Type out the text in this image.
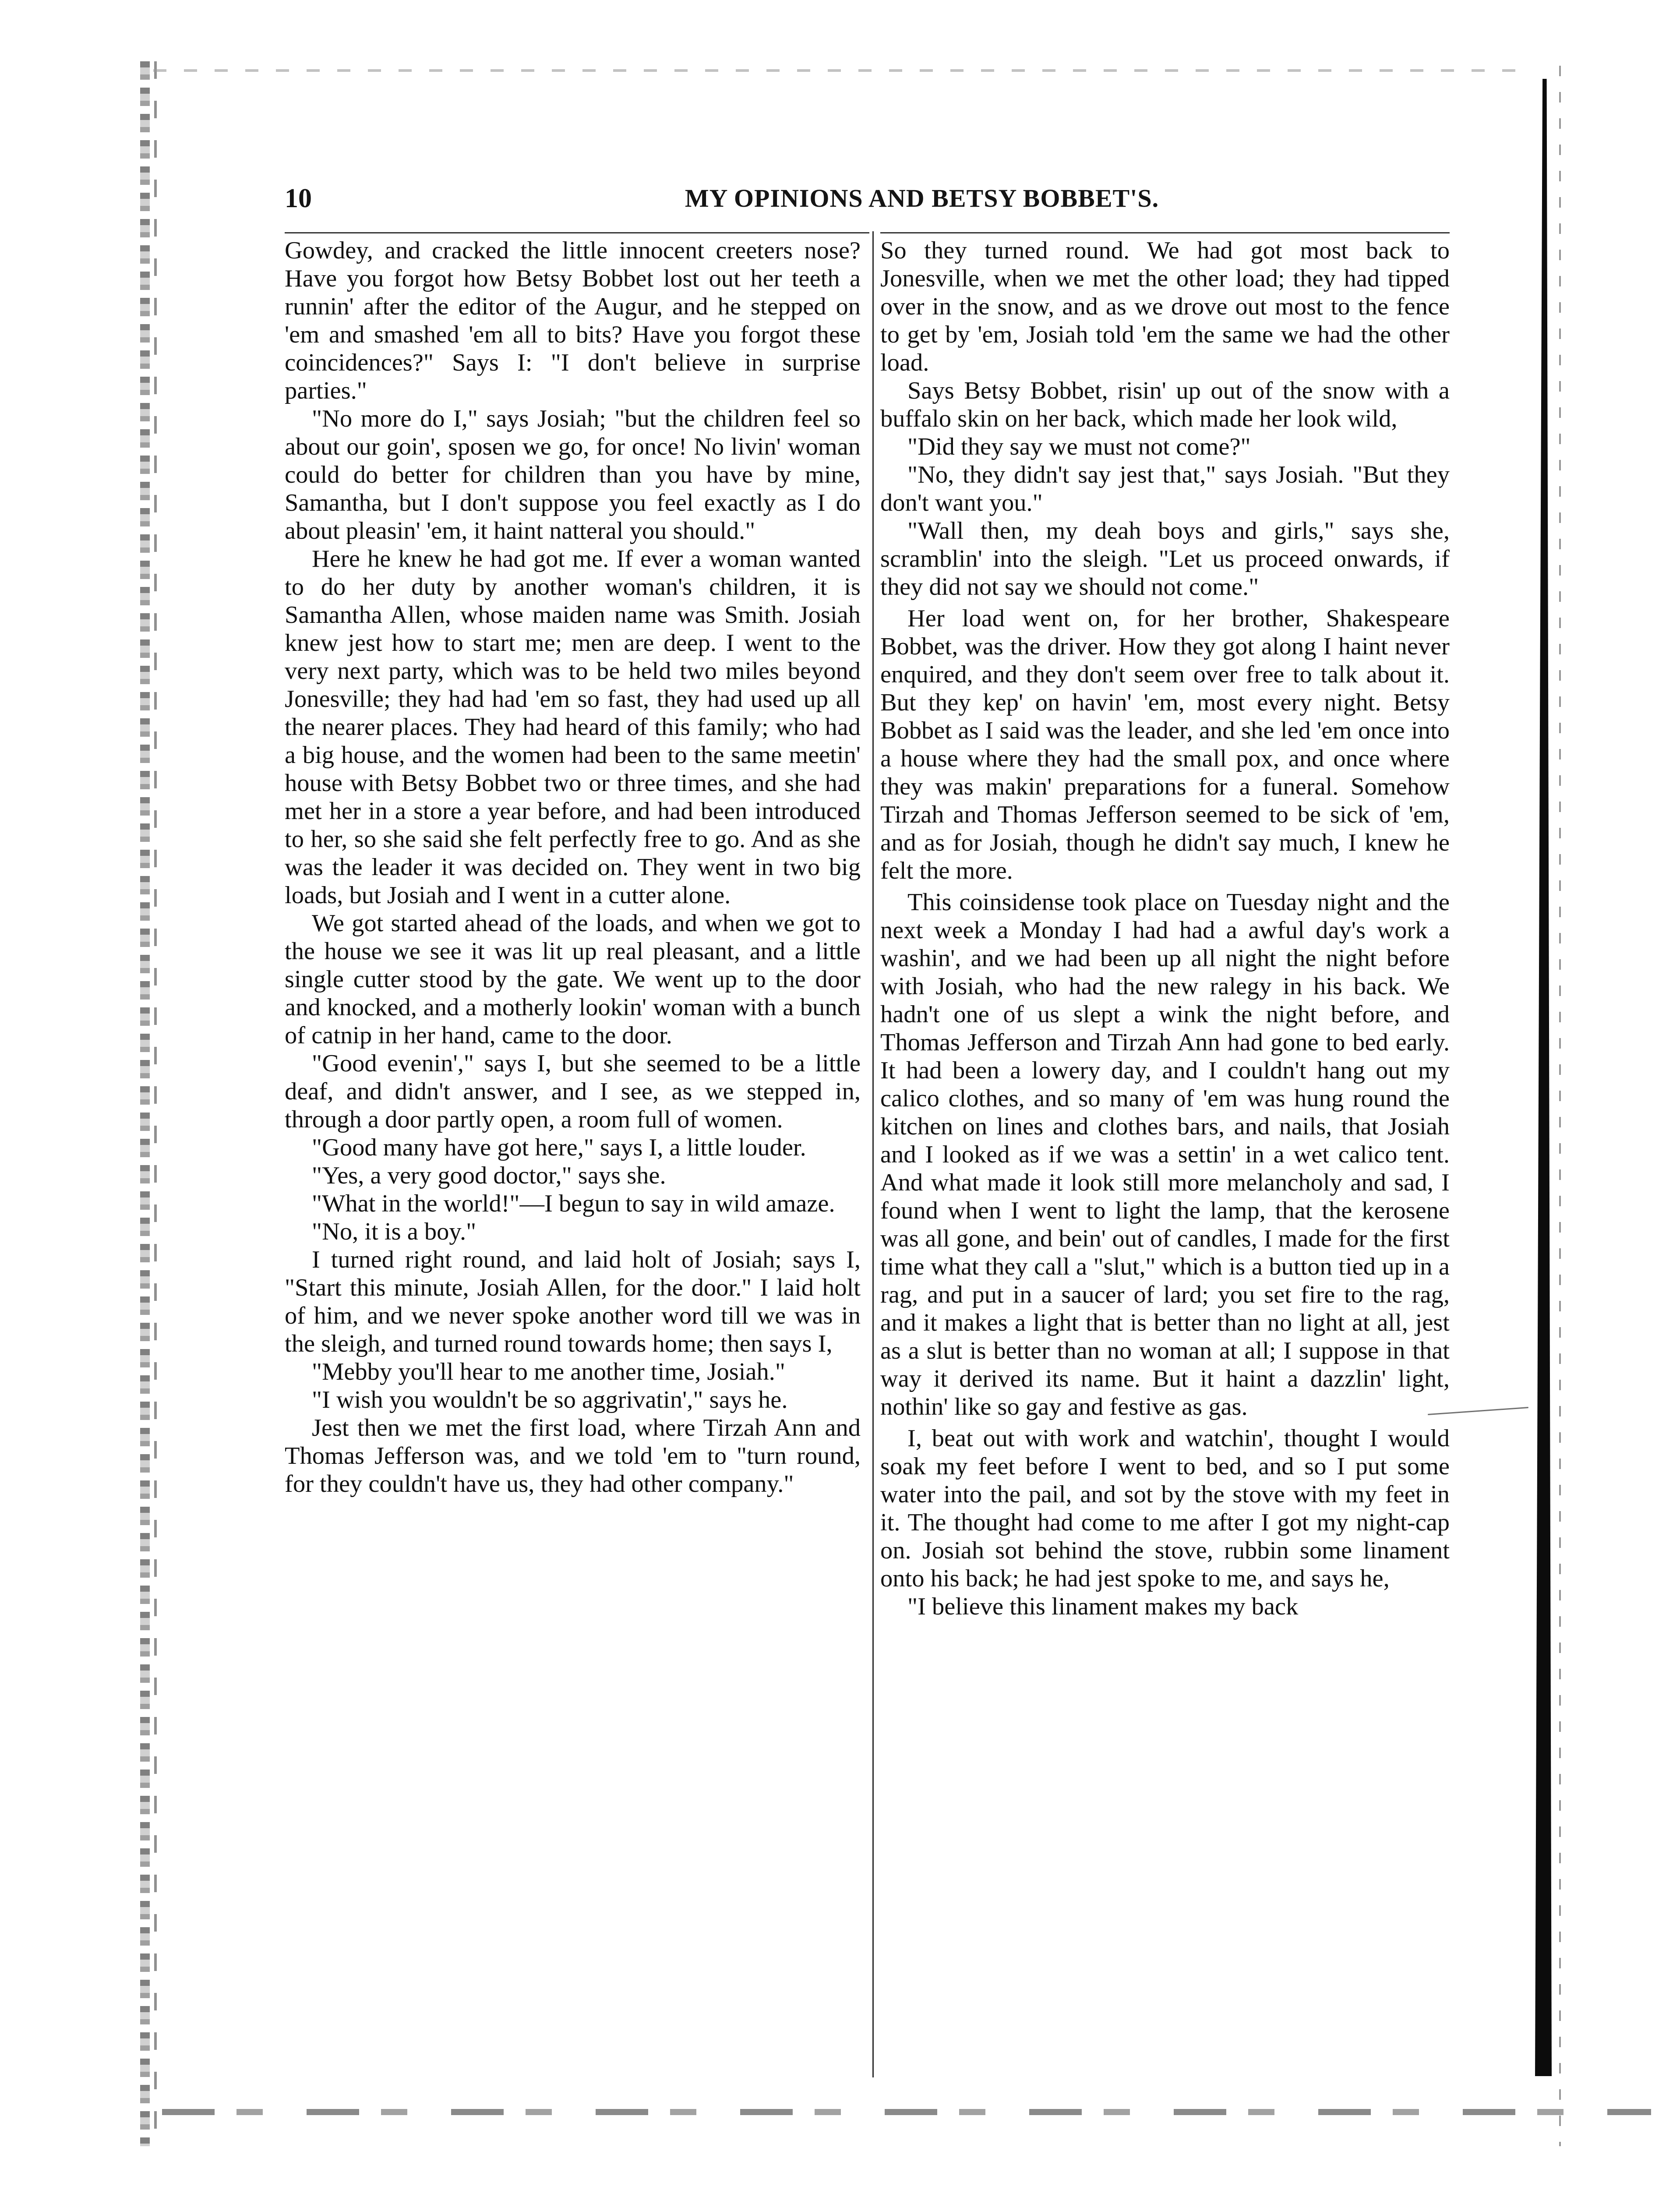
10	MY OPINIONS AND BETSY BOBBET'S.

Gowdey, and cracked the little innocent creeters nose? Have you forgot how Betsy Bobbet lost out her teeth a runnin' after the editor of the Augur, and he stepped on 'em and smashed 'em all to bits? Have you forgot these coincidences?" Says I: "I don't believe in surprise parties."

"No more do I," says Josiah; "but the children feel so about our goin', sposen we go, for once! No livin' woman could do better for children than you have by mine, Samantha, but I don't suppose you feel exactly as I do about pleasin' 'em, it haint natteral you should."

Here he knew he had got me. If ever a woman wanted to do her duty by another woman's children, it is Samantha Allen, whose maiden name was Smith. Josiah knew jest how to start me; men are deep. I went to the very next party, which was to be held two miles beyond Jonesville; they had had 'em so fast, they had used up all the nearer places. They had heard of this family; who had a big house, and the women had been to the same meetin' house with Betsy Bobbet two or three times, and she had met her in a store a year before, and had been introduced to her, so she said she felt perfectly free to go. And as she was the leader it was decided on. They went in two big loads, but Josiah and I went in a cutter alone.

We got started ahead of the loads, and when we got to the house we see it was lit up real pleasant, and a little single cutter stood by the gate. We went up to the door and knocked, and a motherly lookin' woman with a bunch of catnip in her hand, came to the door.

"Good evenin'," says I, but she seemed to be a little deaf, and didn't answer, and I see, as we stepped in, through a door partly open, a room full of women.

"Good many have got here," says I, a little louder.

"Yes, a very good doctor," says she.

"What in the world!"—I begun to say in wild amaze.

"No, it is a boy."

I turned right round, and laid holt of Josiah; says I, "Start this minute, Josiah Allen, for the door." I laid holt of him, and we never spoke another word till we was in the sleigh, and turned round towards home; then says I,

"Mebby you'll hear to me another time, Josiah."

"I wish you wouldn't be so aggrivatin'," says he.

Jest then we met the first load, where Tirzah Ann and Thomas Jefferson was, and we told 'em to "turn round, for they couldn't have us, they had other company."

So they turned round. We had got most back to Jonesville, when we met the other load; they had tipped over in the snow, and as we drove out most to the fence to get by 'em, Josiah told 'em the same we had the other load.

Says Betsy Bobbet, risin' up out of the snow with a buffalo skin on her back, which made her look wild,

"Did they say we must not come?"

"No, they didn't say jest that," says Josiah. "But they don't want you."

"Wall then, my deah boys and girls," says she, scramblin' into the sleigh. "Let us proceed onwards, if they did not say we should not come."

Her load went on, for her brother, Shakespeare Bobbet, was the driver. How they got along I haint never enquired, and they don't seem over free to talk about it. But they kep' on havin' 'em, most every night. Betsy Bobbet as I said was the leader, and she led 'em once into a house where they had the small pox, and once where they was makin' preparations for a funeral. Somehow Tirzah and Thomas Jefferson seemed to be sick of 'em, and as for Josiah, though he didn't say much, I knew he felt the more.

This coinsidense took place on Tuesday night and the next week a Monday I had had a awful day's work a washin', and we had been up all night the night before with Josiah, who had the new ralegy in his back. We hadn't one of us slept a wink the night before, and Thomas Jefferson and Tirzah Ann had gone to bed early. It had been a lowery day, and I couldn't hang out my calico clothes, and so many of 'em was hung round the kitchen on lines and clothes bars, and nails, that Josiah and I looked as if we was a settin' in a wet calico tent. And what made it look still more melancholy and sad, I found when I went to light the lamp, that the kerosene was all gone, and bein' out of candles, I made for the first time what they call a "slut," which is a button tied up in a rag, and put in a saucer of lard; you set fire to the rag, and it makes a light that is better than no light at all, jest as a slut is better than no woman at all; I suppose in that way it derived its name. But it haint a dazzlin' light, nothin' like so gay and festive as gas.

I, beat out with work and watchin', thought I would soak my feet before I went to bed, and so I put some water into the pail, and sot by the stove with my feet in it. The thought had come to me after I got my night-cap on. Josiah sot behind the stove, rubbin some linament onto his back; he had jest spoke to me, and says he,

"I believe this linament makes my back
